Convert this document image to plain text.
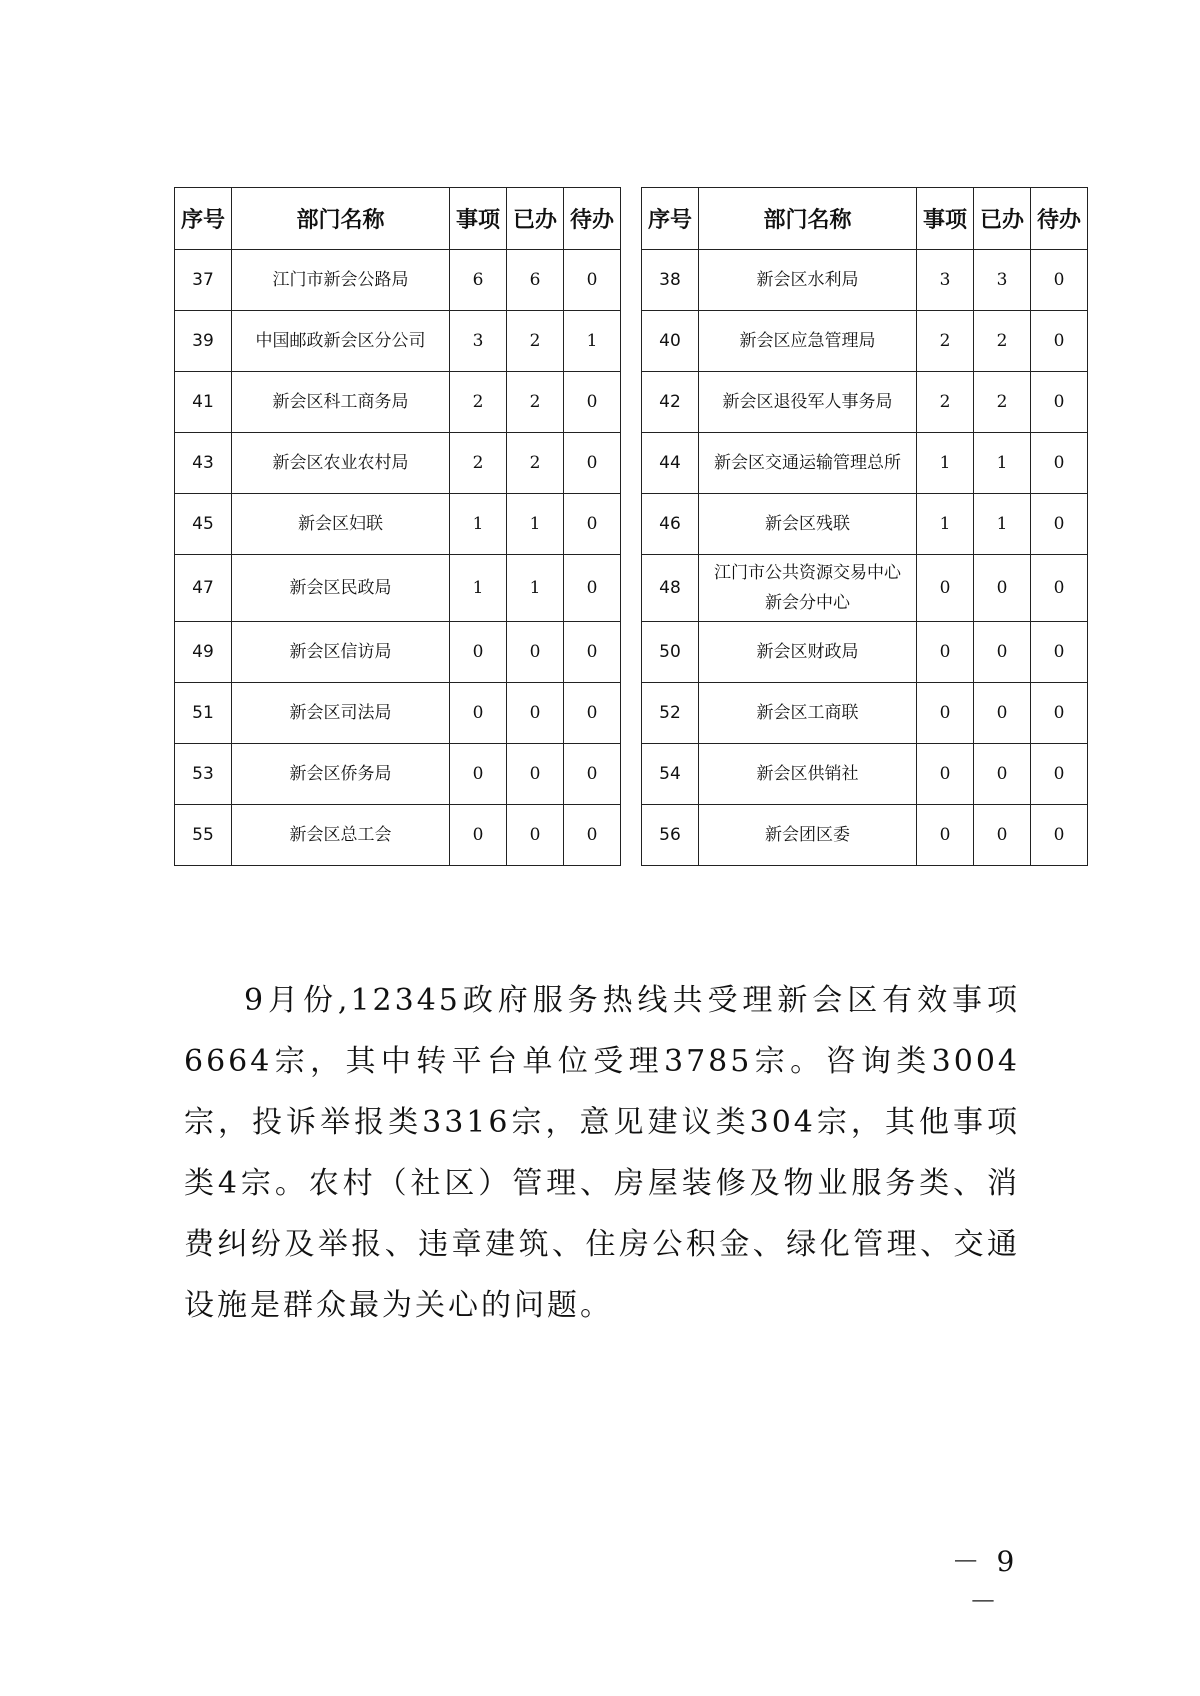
序号	部门名称	事项	已办	待办
37	江门市新会公路局	6	6	0
39	中国邮政新会区分公司	3	2	1
41	新会区科工商务局	2	2	0
43	新会区农业农村局	2	2	0
45	新会区妇联	1	1	0
47	新会区民政局	1	1	0
49	新会区信访局	0	0	0
51	新会区司法局	0	0	0
53	新会区侨务局	0	0	0
55	新会区总工会	0	0	0
序号	部门名称	事项	已办	待办
38	新会区水利局	3	3	0
40	新会区应急管理局	2	2	0
42	新会区退役军人事务局	2	2	0
44	新会区交通运输管理总所	1	1	0
46	新会区残联	1	1	0
48	江门市公共资源交易中心
新会分中心	0	0	0
50	新会区财政局	0	0	0
52	新会区工商联	0	0	0
54	新会区供销社	0	0	0
56	新会团区委	0	0	0

9月份,12345政府服务热线共受理新会区有效事项6664宗，其中转平台单位受理3785宗。咨询类3004宗，投诉举报类3316宗，意见建议类304宗，其他事项类4宗。农村（社区）管理、房屋装修及物业服务类、消费纠纷及举报、违章建筑、住房公积金、绿化管理、交通设施是群众最为关心的问题。

－ 9 －
